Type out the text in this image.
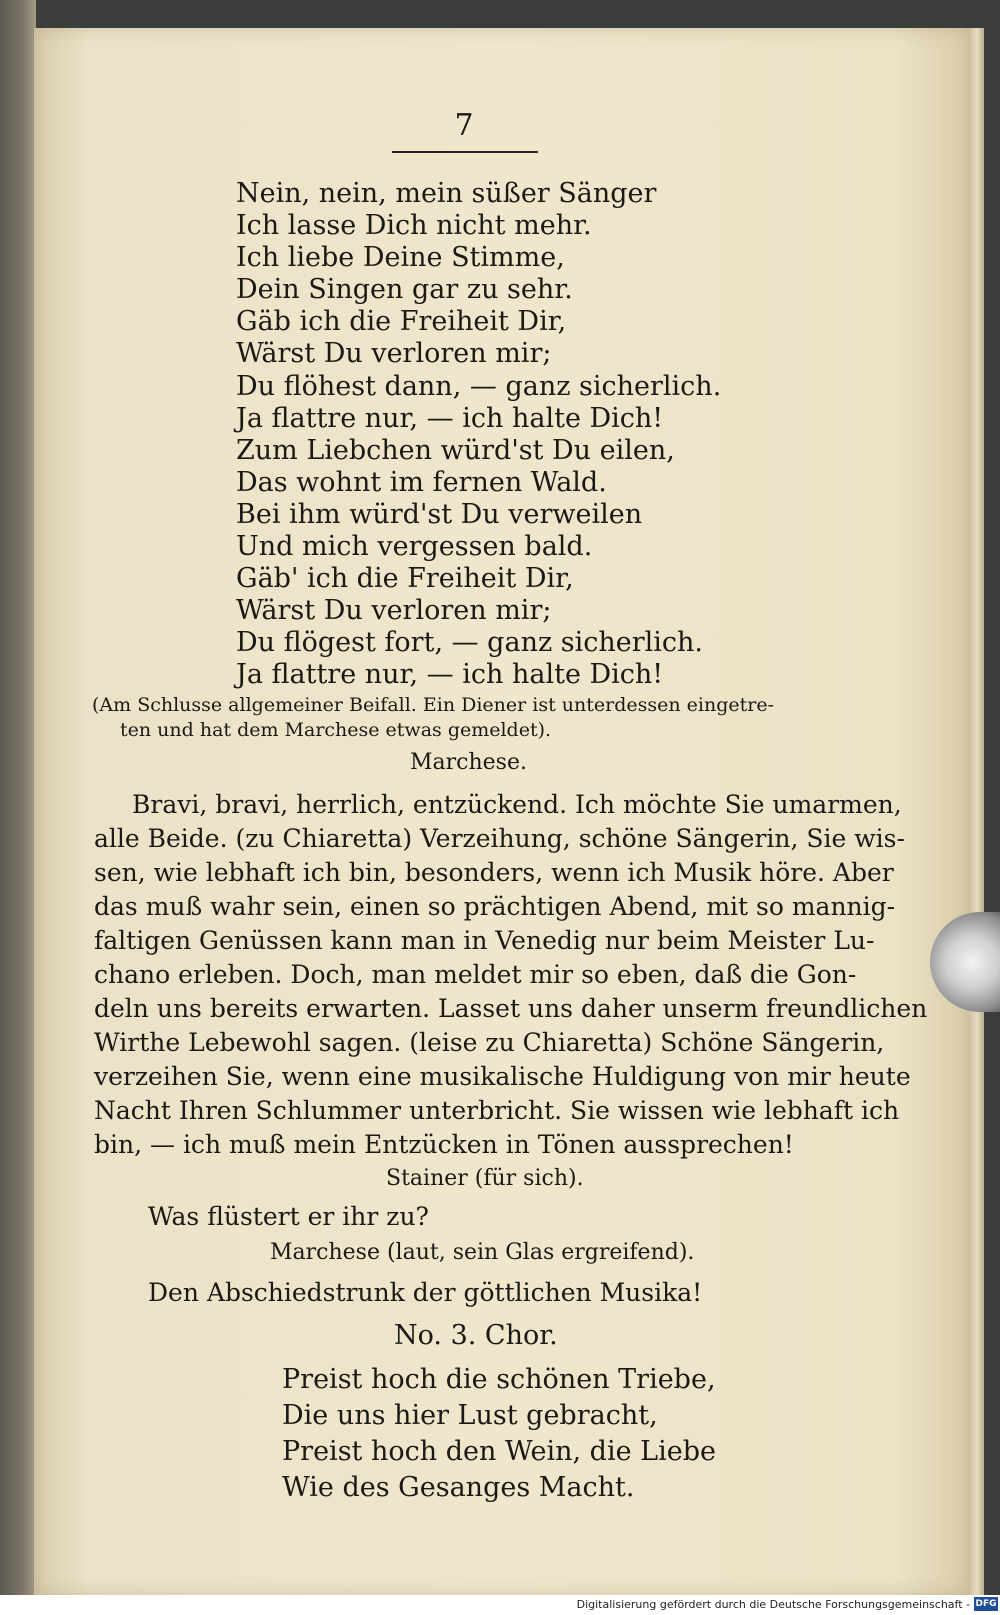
7
Nein, nein, mein süßer Sänger
Ich lasse Dich nicht mehr.
Ich liebe Deine Stimme,
Dein Singen gar zu sehr.
Gäb ich die Freiheit Dir,
Wärst Du verloren mir;
Du flöhest dann, — ganz sicherlich.
Ja flattre nur, — ich halte Dich!
Zum Liebchen würd'st Du eilen,
Das wohnt im fernen Wald.
Bei ihm würd'st Du verweilen
Und mich vergessen bald.
Gäb' ich die Freiheit Dir,
Wärst Du verloren mir;
Du flögest fort, — ganz sicherlich.
Ja flattre nur, — ich halte Dich!
(Am Schlusse allgemeiner Beifall. Ein Diener ist unterdessen eingetre-
ten und hat dem Marchese etwas gemeldet).
Marchese.
Bravi, bravi, herrlich, entzückend. Ich möchte Sie umarmen,
alle Beide. (zu Chiaretta) Verzeihung, schöne Sängerin, Sie wis-
sen, wie lebhaft ich bin, besonders, wenn ich Musik höre. Aber
das muß wahr sein, einen so prächtigen Abend, mit so mannig-
faltigen Genüssen kann man in Venedig nur beim Meister Lu-
chano erleben. Doch, man meldet mir so eben, daß die Gon-
deln uns bereits erwarten. Lasset uns daher unserm freundlichen
Wirthe Lebewohl sagen. (leise zu Chiaretta) Schöne Sängerin,
verzeihen Sie, wenn eine musikalische Huldigung von mir heute
Nacht Ihren Schlummer unterbricht. Sie wissen wie lebhaft ich
bin, — ich muß mein Entzücken in Tönen aussprechen!
Stainer (für sich).
Was flüstert er ihr zu?
Marchese (laut, sein Glas ergreifend).
Den Abschiedstrunk der göttlichen Musika!
No. 3. Chor.
Preist hoch die schönen Triebe,
Die uns hier Lust gebracht,
Preist hoch den Wein, die Liebe
Wie des Gesanges Macht.
Digitalisierung gefördert durch die Deutsche Forschungsgemeinschaft - DFG
